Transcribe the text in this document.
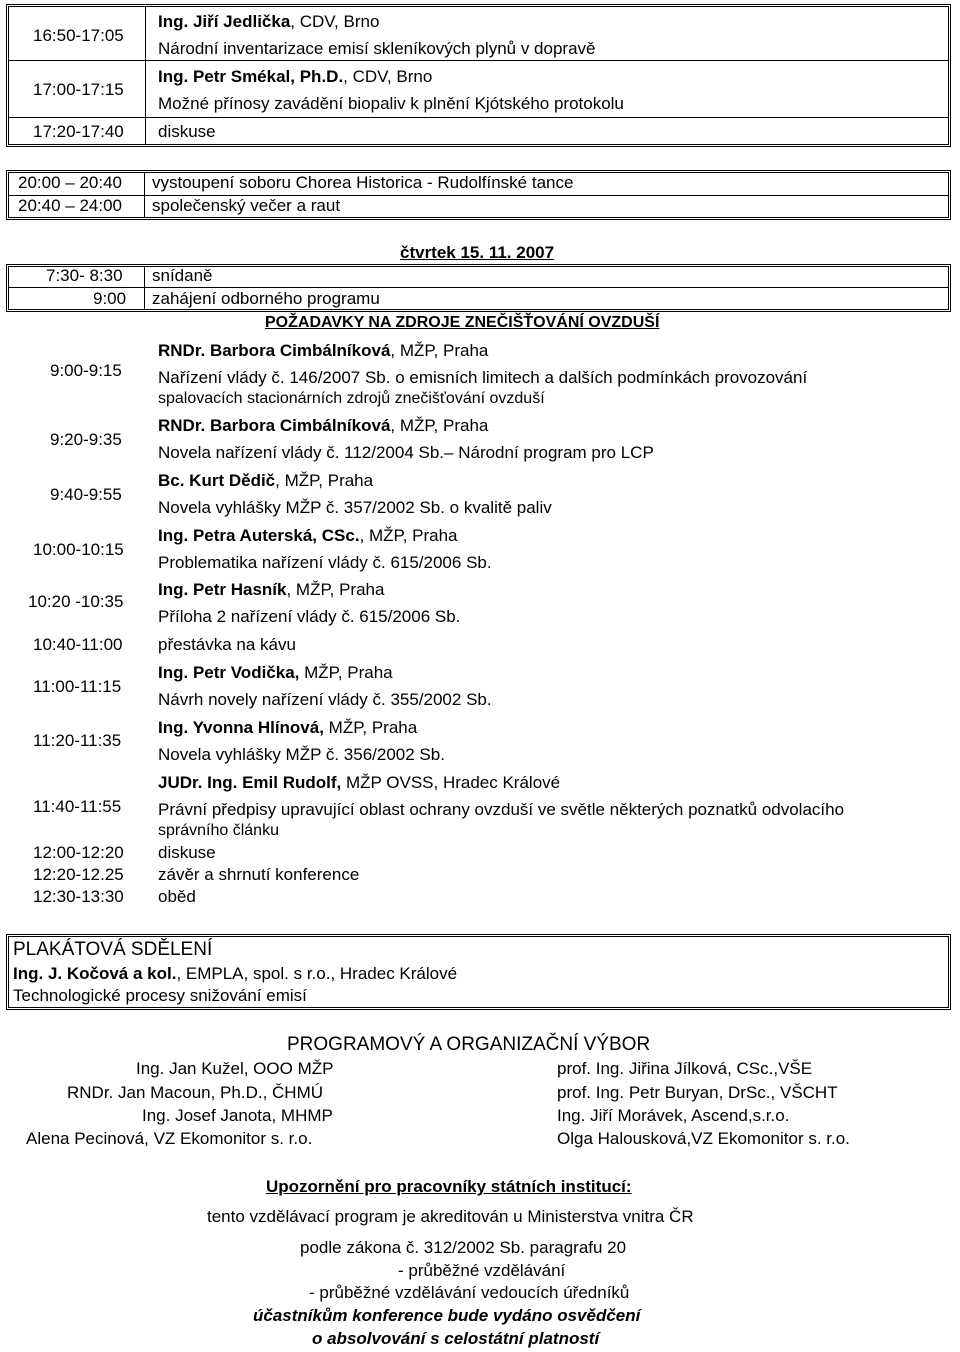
16:50-17:05
Ing. Jiří Jedlička, CDV, Brno
Národní inventarizace emisí skleníkových plynů v dopravě
17:00-17:15
Ing. Petr Smékal, Ph.D., CDV, Brno
Možné přínosy zavádění biopaliv k plnění Kjótského protokolu
17:20-17:40 diskuse
20:00 – 20:40 vystoupení soboru Chorea Historica - Rudolfínské tance
20:40 – 24:00 společenský večer a raut
čtvrtek 15. 11. 2007
7:30- 8:30 snídaně
9:00 zahájení odborného programu
POŽADAVKY NA ZDROJE ZNEČIŠŤOVÁNÍ OVZDUŠÍ
9:00-9:15
RNDr. Barbora Cimbálníková, MŽP, Praha
Nařízení vlády č. 146/2007 Sb. o emisních limitech a dalších podmínkách provozování
spalovacích stacionárních zdrojů znečišťování ovzduší
9:20-9:35
RNDr. Barbora Cimbálníková, MŽP, Praha
Novela nařízení vlády č. 112/2004 Sb.– Národní program pro LCP
9:40-9:55
Bc. Kurt Dědič, MŽP, Praha
Novela vyhlášky MŽP č. 357/2002 Sb. o kvalitě paliv
10:00-10:15
Ing. Petra Auterská, CSc., MŽP, Praha
Problematika nařízení vlády č. 615/2006 Sb.
10:20 -10:35
Ing. Petr Hasník, MŽP, Praha
Příloha 2 nařízení vlády č. 615/2006 Sb.
10:40-11:00 přestávka na kávu
11:00-11:15
Ing. Petr Vodička, MŽP, Praha
Návrh novely nařízení vlády č. 355/2002 Sb.
11:20-11:35
Ing. Yvonna Hlínová, MŽP, Praha
Novela vyhlášky MŽP č. 356/2002 Sb.
11:40-11:55
JUDr. Ing. Emil Rudolf, MŽP OVSS, Hradec Králové
Právní předpisy upravující oblast ochrany ovzduší ve světle některých poznatků odvolacího
správního článku
12:00-12:20 diskuse
12:20-12.25 závěr a shrnutí konference
12:30-13:30 oběd
PLAKÁTOVÁ SDĚLENÍ
Ing. J. Kočová a kol., EMPLA, spol. s r.o., Hradec Králové
Technologické procesy snižování emisí
PROGRAMOVÝ A ORGANIZAČNÍ VÝBOR
Ing. Jan Kužel, OOO MŽP
RNDr. Jan Macoun, Ph.D., ČHMÚ
Ing. Josef Janota, MHMP
Alena Pecinová, VZ Ekomonitor s. r.o.
prof. Ing. Jiřina Jílková, CSc.,VŠE
prof. Ing. Petr Buryan, DrSc., VŠCHT
Ing. Jiří Morávek, Ascend,s.r.o.
Olga Halousková,VZ Ekomonitor s. r.o.
Upozornění pro pracovníky státních institucí:
tento vzdělávací program je akreditován u Ministerstva vnitra ČR
podle zákona č. 312/2002 Sb. paragrafu 20
- průběžné vzdělávání
- průběžné vzdělávání vedoucích úředníků
účastníkům konference bude vydáno osvědčení
o absolvování s celostátní platností
